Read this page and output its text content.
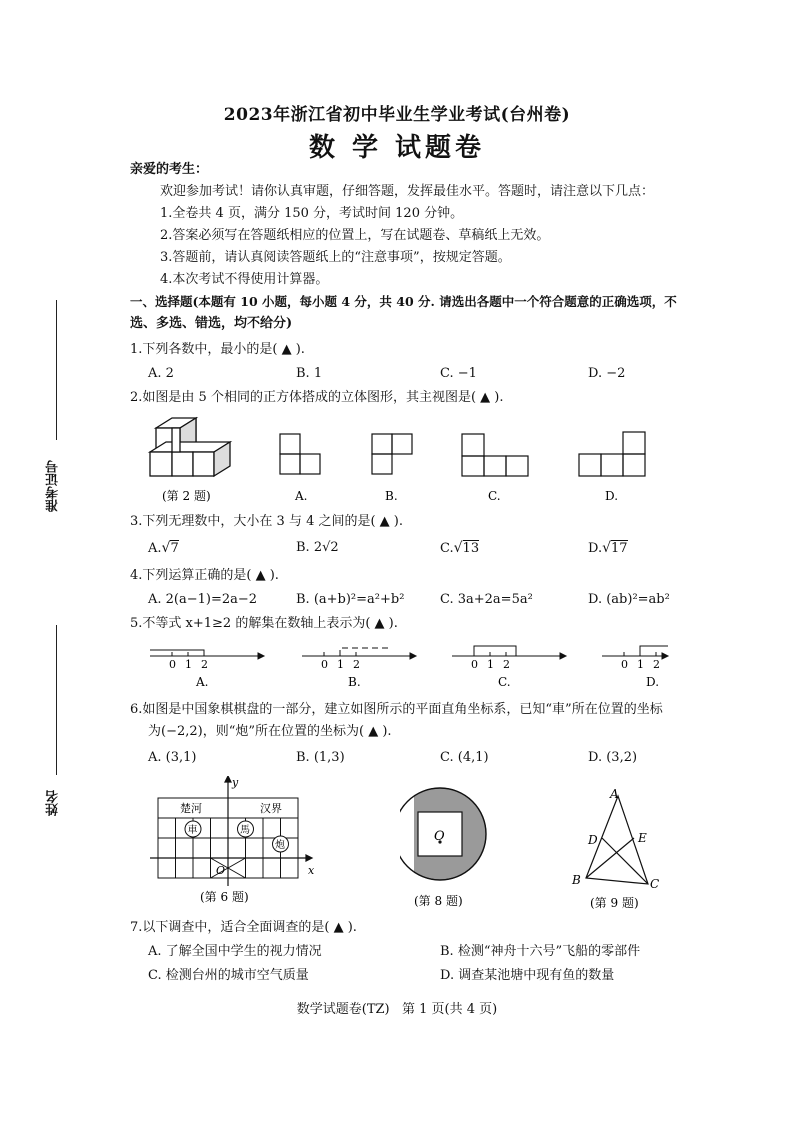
准考证号
姓名
2023年浙江省初中毕业生学业考试(台州卷)
数 学 试题卷
亲爱的考生：
欢迎参加考试！请你认真审题，仔细答题，发挥最佳水平。答题时，请注意以下几点：
1.全卷共 4 页，满分 150 分，考试时间 120 分钟。
2.答案必须写在答题纸相应的位置上，写在试题卷、草稿纸上无效。
3.答题前，请认真阅读答题纸上的“注意事项”，按规定答题。
4.本次考试不得使用计算器。
一、选择题(本题有 10 小题，每小题 4 分，共 40 分. 请选出各题中一个符合题意的正确选项，不
选、多选、错选，均不给分)
1.下列各数中，最小的是( ▲ ).
A. 2	B. 1	C. −1	D. −2
2.如图是由 5 个相同的正方体搭成的立体图形，其主视图是( ▲ ).
(第 2 题)	A.	B.	C.	D.
3.下列无理数中，大小在 3 与 4 之间的是( ▲ ).
A.√7	B. 2√2	C.√13	D.√17
4.下列运算正确的是( ▲ ).
A. 2(a−1)=2a−2	B. (a+b)²=a²+b²	C. 3a+2a=5a²	D. (ab)²=ab²
5.不等式 x+1≥2 的解集在数轴上表示为( ▲ ).
0 1 2
A.
0 1 2
B.
0 1 2
C.
0 1 2
D.
6.如图是中国象棋棋盘的一部分，建立如图所示的平面直角坐标系，已知“車”所在位置的坐标
为(−2,2)，则“炮”所在位置的坐标为( ▲ ).
A. (3,1)	B. (1,3)	C. (4,1)	D. (3,2)
x
y
O
楚河	汉界
車	馬
炮
(第 6 题)
O
(第 8 题)
A
B	C
D	E
(第 9 题)
7.以下调查中，适合全面调查的是( ▲ ).
A. 了解全国中学生的视力情况	B. 检测“神舟十六号”飞船的零部件
C. 检测台州的城市空气质量	D. 调查某池塘中现有鱼的数量
数学试题卷(TZ)   第 1 页(共 4 页)
